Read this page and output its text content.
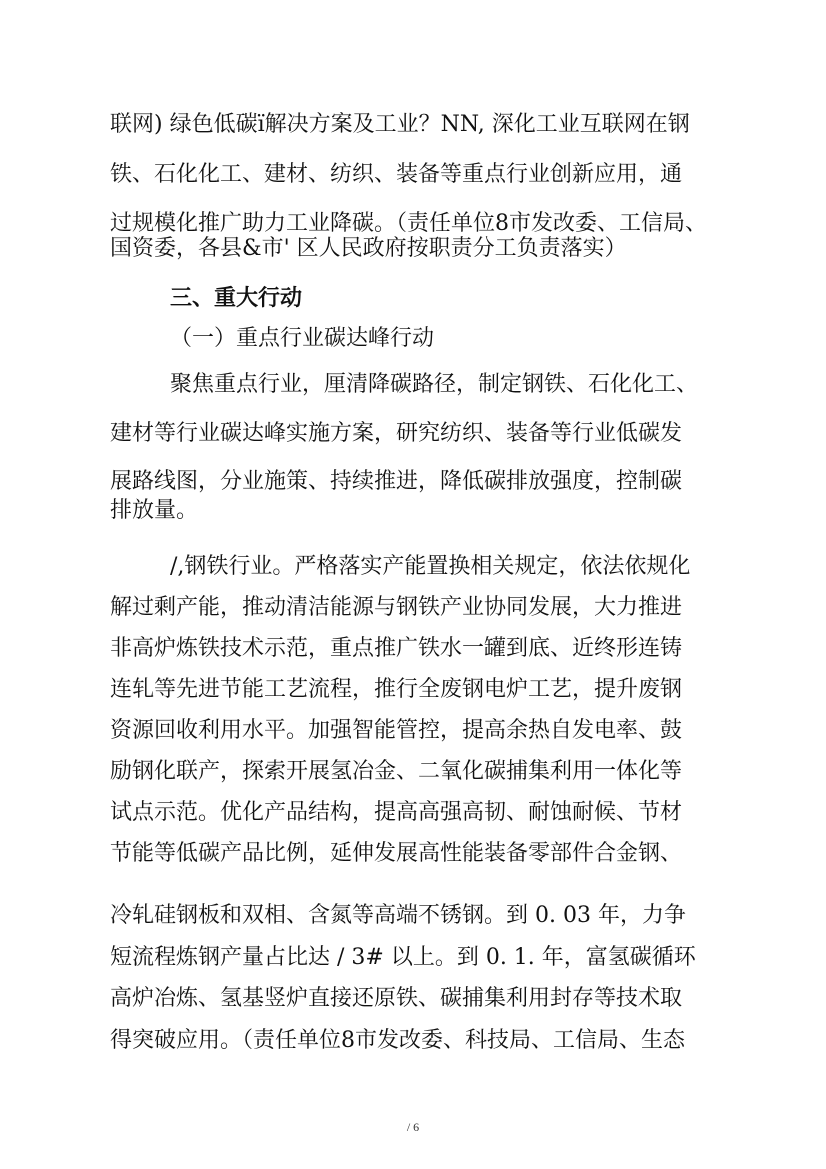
联网) 绿色低碳ï解决方案及工业？NN, 深化工业互联网在钢
铁、石化化工、建材、纺织、装备等重点行业创新应用，通
过规模化推广助力工业降碳。（责任单位8市发改委、工信局、
国资委，各县&市' 区人民政府按职责分工负责落实）
三、重大行动
（一）重点行业碳达峰行动
聚焦重点行业，厘清降碳路径，制定钢铁、石化化工、
建材等行业碳达峰实施方案，研究纺织、装备等行业低碳发
展路线图，分业施策、持续推进，降低碳排放强度，控制碳
排放量。
/,钢铁行业。严格落实产能置换相关规定，依法依规化
解过剩产能，推动清洁能源与钢铁产业协同发展，大力推进
非高炉炼铁技术示范，重点推广铁水一罐到底、近终形连铸
连轧等先进节能工艺流程，推行全废钢电炉工艺，提升废钢
资源回收利用水平。加强智能管控，提高余热自发电率、鼓
励钢化联产，探索开展氢冶金、二氧化碳捕集利用一体化等
试点示范。优化产品结构，提高高强高韧、耐蚀耐候、节材
节能等低碳产品比例，延伸发展高性能装备零部件合金钢、
冷轧硅钢板和双相、含氮等高端不锈钢。到 0. 03 年，力争
短流程炼钢产量占比达 / 3# 以上。到 0. 1. 年，富氢碳循环
高炉冶炼、氢基竖炉直接还原铁、碳捕集利用封存等技术取
得突破应用。（责任单位8市发改委、科技局、工信局、生态
/ 6
